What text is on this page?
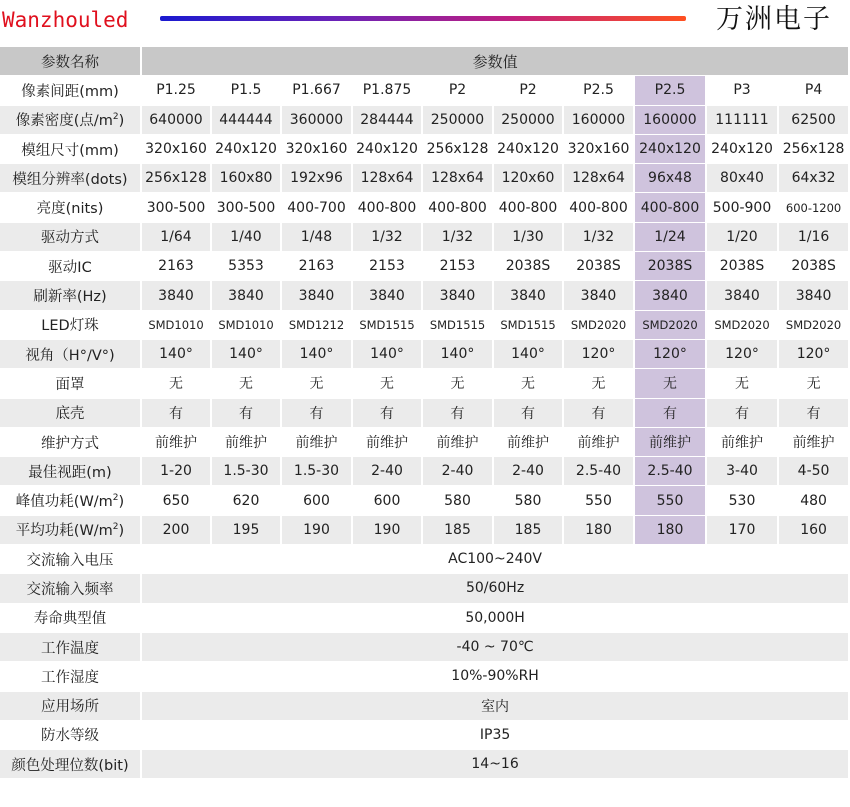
Wanzhouled	万洲电子
参数名称	参数值									
像素间距(mm)	P1.25	P1.5	P1.667	P1.875	P2	P2	P2.5	P2.5	P3	P4
像素密度(点$/m^2$)	640000	444444	360000	284444	250000	250000	160000	160000	111111	62500
模组尺寸(mm)	320x160	240x120	320x160	240x120	256x128	240x120	320x160	240x120	240x120	256x128
模组分辨率(dots)	256x128	160x80	192x96	128x64	128x64	120x60	128x64	96x48	80x40	64x32
亮度(nits)	300-500	300-500	400-700	400-800	400-800	400-800	400-800	400-800	500-900	600-1200
驱动方式	1/64	1/40	1/48	1/32	1/32	1/30	1/32	1/24	1/20	1/16
驱动IC	2163	5353	2163	2153	2153	2038S	2038S	2038S	2038S	2038S
刷新率(Hz)	3840	3840	3840	3840	3840	3840	3840	3840	3840	3840
LED灯珠	SMD1010	SMD1010	SMD1212	SMD1515	SMD1515	SMD1515	SMD2020	SMD2020	SMD2020	SMD2020
视角（H°/V°)	140°	140°	140°	140°	140°	140°	120°	120°	120°	120°
面罩	无	无	无	无	无	无	无	无	无	无
底壳	有	有	有	有	有	有	有	有	有	有
维护方式	前维护	前维护	前维护	前维护	前维护	前维护	前维护	前维护	前维护	前维护
最佳视距(m)	1-20	1.5-30	1.5-30	2-40	2-40	2-40	2.5-40	2.5-40	3-40	4-50
峰值功耗$(W/m^2)$	650	620	600	600	580	580	550	550	530	480
平均功耗$(W/m^2)$	200	195	190	190	185	185	180	180	170	160
交流输入电压	AC100~240V									
交流输入频率	50/60Hz									
寿命典型值	50,000H									
工作温度	-40 ~ 70℃									
工作湿度	10%-90%RH									
应用场所	室内									
防水等级	IP35									
颜色处理位数(bit)	14~16									
